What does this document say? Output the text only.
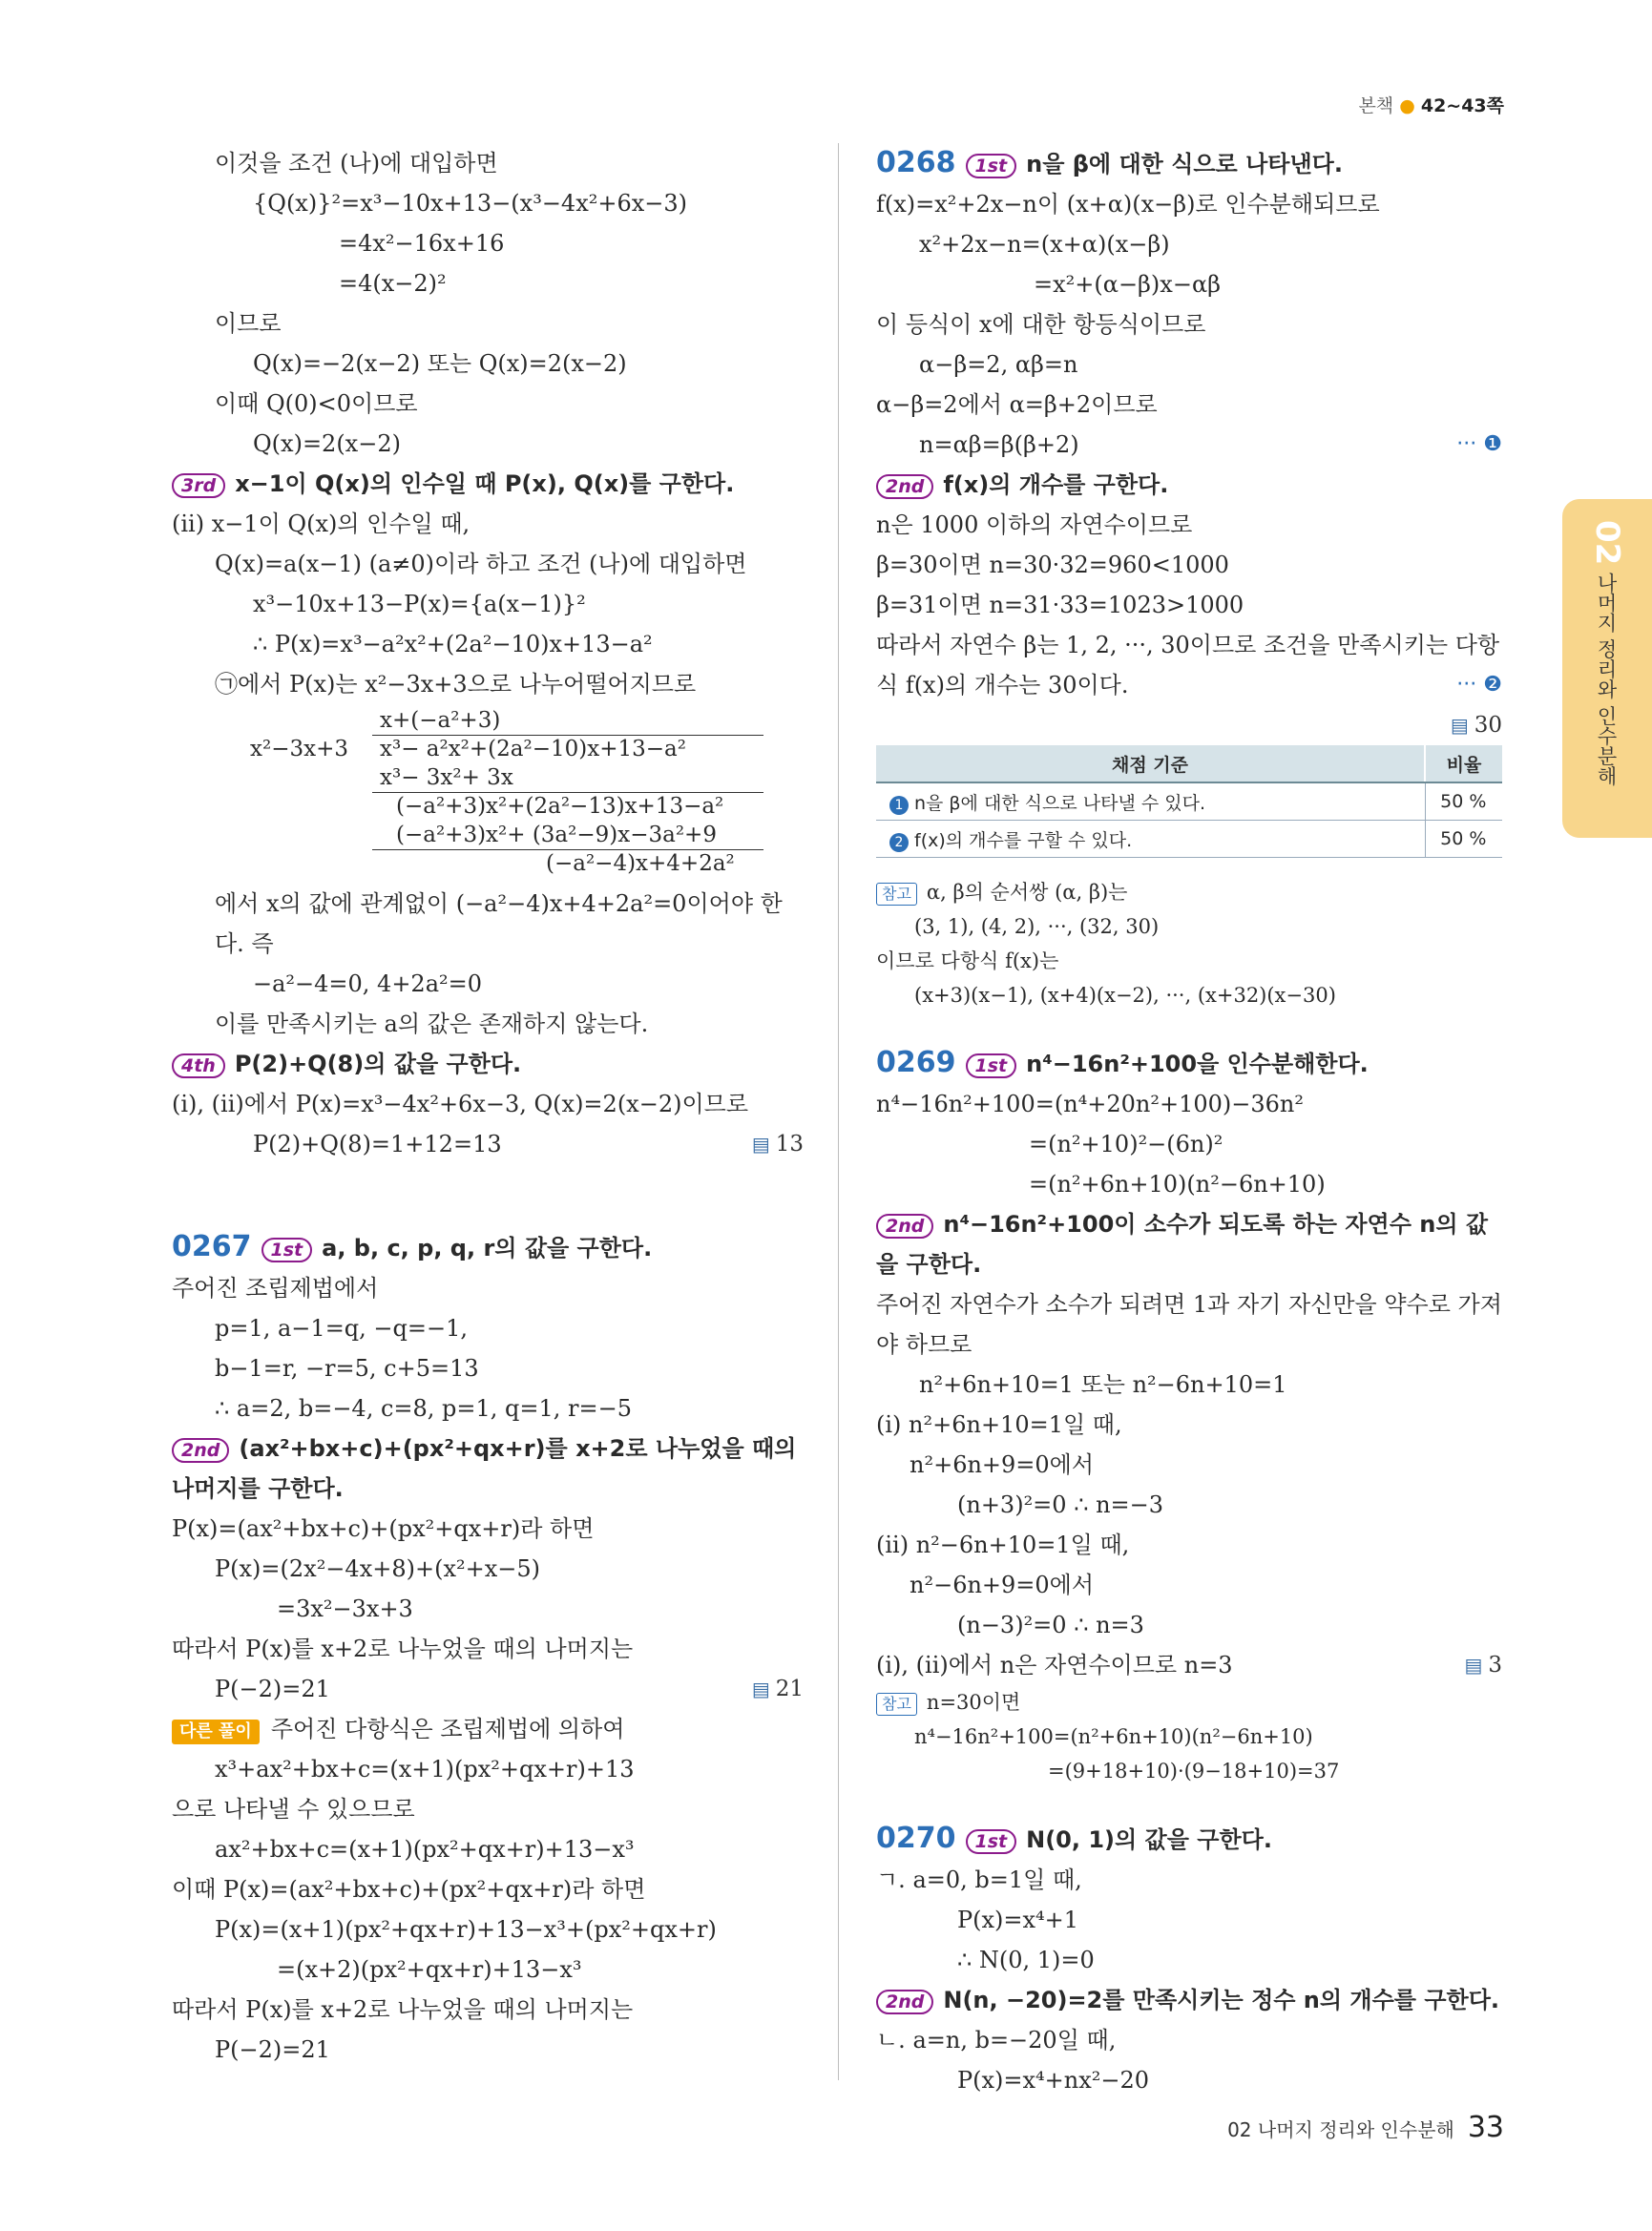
본책 ● 42~43쪽
이것을 조건 (나)에 대입하면
{Q(x)}²=x³−10x+13−(x³−4x²+6x−3)
=4x²−16x+16
=4(x−2)²
이므로
Q(x)=−2(x−2) 또는 Q(x)=2(x−2)
이때 Q(0)<0이므로
Q(x)=2(x−2)
3rd x−1이 Q(x)의 인수일 때 P(x), Q(x)를 구한다.
(ii) x−1이 Q(x)의 인수일 때,
Q(x)=a(x−1) (a≠0)이라 하고 조건 (나)에 대입하면
x³−10x+13−P(x)={a(x−1)}²
∴ P(x)=x³−a²x²+(2a²−10)x+13−a²
㉠에서 P(x)는 x²−3x+3으로 나누어떨어지므로
x+(−a²+3)
x²−3x+3 x³− a²x²+(2a²−10)x+13−a²
x³− 3x²+ 3x
(−a²+3)x²+(2a²−13)x+13−a²
(−a²+3)x²+ (3a²−9)x−3a²+9
(−a²−4)x+4+2a²
에서 x의 값에 관계없이 (−a²−4)x+4+2a²=0이어야 한
다. 즉
−a²−4=0, 4+2a²=0
이를 만족시키는 a의 값은 존재하지 않는다.
4th P(2)+Q(8)의 값을 구한다.
(i), (ii)에서 P(x)=x³−4x²+6x−3, Q(x)=2(x−2)이므로
P(2)+Q(8)=1+12=13	▤ 13
0267 1st a, b, c, p, q, r의 값을 구한다.
주어진 조립제법에서
p=1, a−1=q, −q=−1,
b−1=r, −r=5, c+5=13
∴ a=2, b=−4, c=8, p=1, q=1, r=−5
2nd (ax²+bx+c)+(px²+qx+r)를 x+2로 나누었을 때의 나머지를 구한다.
P(x)=(ax²+bx+c)+(px²+qx+r)라 하면
P(x)=(2x²−4x+8)+(x²+x−5)
=3x²−3x+3
따라서 P(x)를 x+2로 나누었을 때의 나머지는
P(−2)=21	▤ 21
다른 풀이 주어진 다항식은 조립제법에 의하여
x³+ax²+bx+c=(x+1)(px²+qx+r)+13
으로 나타낼 수 있으므로
ax²+bx+c=(x+1)(px²+qx+r)+13−x³
이때 P(x)=(ax²+bx+c)+(px²+qx+r)라 하면
P(x)=(x+1)(px²+qx+r)+13−x³+(px²+qx+r)
=(x+2)(px²+qx+r)+13−x³
따라서 P(x)를 x+2로 나누었을 때의 나머지는
P(−2)=21
0268 1st n을 β에 대한 식으로 나타낸다.
f(x)=x²+2x−n이 (x+α)(x−β)로 인수분해되므로
x²+2x−n=(x+α)(x−β)
=x²+(α−β)x−αβ
이 등식이 x에 대한 항등식이므로
α−β=2, αβ=n
α−β=2에서 α=β+2이므로
n=αβ=β(β+2)	··· ❶
2nd f(x)의 개수를 구한다.
n은 1000 이하의 자연수이므로
β=30이면 n=30·32=960<1000
β=31이면 n=31·33=1023>1000
따라서 자연수 β는 1, 2, ···, 30이므로 조건을 만족시키는 다항
식 f(x)의 개수는 30이다.	··· ❷
▤ 30
채점 기준	비율
1 n을 β에 대한 식으로 나타낼 수 있다.	50 %
2 f(x)의 개수를 구할 수 있다.	50 %
참고 α, β의 순서쌍 (α, β)는
(3, 1), (4, 2), ···, (32, 30)
이므로 다항식 f(x)는
(x+3)(x−1), (x+4)(x−2), ···, (x+32)(x−30)
0269 1st n⁴−16n²+100을 인수분해한다.
n⁴−16n²+100=(n⁴+20n²+100)−36n²
=(n²+10)²−(6n)²
=(n²+6n+10)(n²−6n+10)
2nd n⁴−16n²+100이 소수가 되도록 하는 자연수 n의 값을 구한다.
주어진 자연수가 소수가 되려면 1과 자기 자신만을 약수로 가져
야 하므로
n²+6n+10=1 또는 n²−6n+10=1
(i) n²+6n+10=1일 때,
n²+6n+9=0에서
(n+3)²=0 ∴ n=−3
(ii) n²−6n+10=1일 때,
n²−6n+9=0에서
(n−3)²=0 ∴ n=3
(i), (ii)에서 n은 자연수이므로 n=3	▤ 3
참고 n=30이면
n⁴−16n²+100=(n²+6n+10)(n²−6n+10)
=(9+18+10)·(9−18+10)=37
0270 1st N(0, 1)의 값을 구한다.
ㄱ. a=0, b=1일 때,
P(x)=x⁴+1
∴ N(0, 1)=0
2nd N(n, −20)=2를 만족시키는 정수 n의 개수를 구한다.
ㄴ. a=n, b=−20일 때,
P(x)=x⁴+nx²−20
02
나머지 정리와 인수분해
02 나머지 정리와 인수분해 33
